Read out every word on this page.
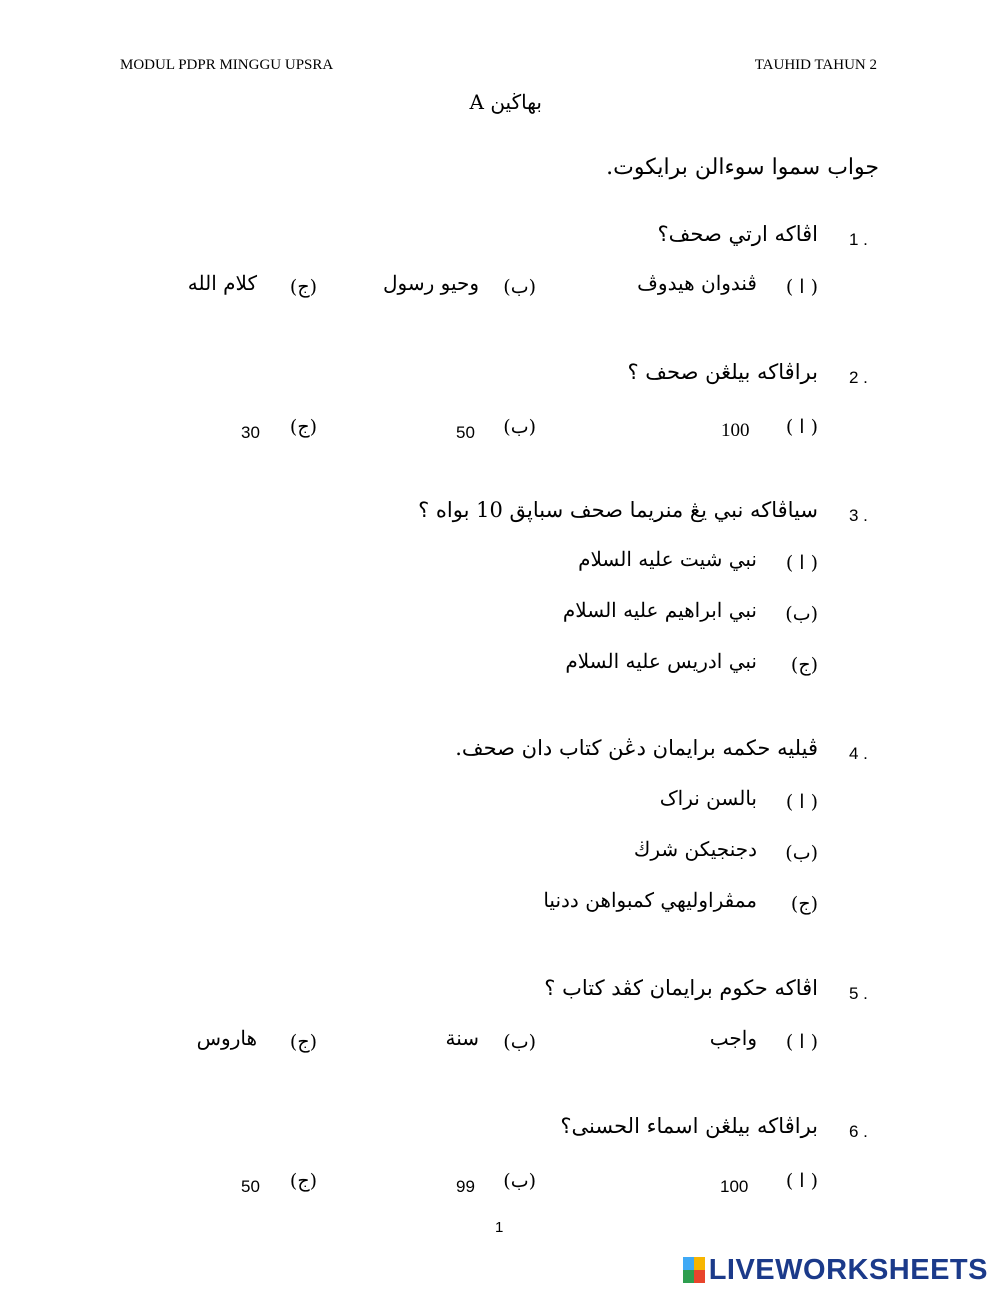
MODUL PDPR MINGGU UPSRA	TAUHID TAHUN 2
بهاڬين A
جواب سموا سوءالن برايكوت.
1 .
اڤاكه ارتي صحف؟
( ا )
ڤندوان هيدوڤ
(ب)
وحيو رسول
(ج)
كلام الله
2 .
براڤاكه بيلڠن صحف ؟
( ا )
100
(ب)
50
(ج)
30
3 .
سياڤاكه نبي يڠ منريما صحف سباڽق 10 بواه ؟
( ا )
نبي شيت عليه السلام
(ب)
نبي ابراهيم عليه السلام
(ج)
نبي ادريس عليه السلام
4 .
ڤيليه حكمه برايمان دڠن كتاب دان صحف.
( ا )
بالسن نراک
(ب)
دجنجيكن شرڬ
(ج)
ممڤراوليهي كمبواهن ددنيا
5 .
اڤاكه حكوم برايمان كڤد كتاب ؟
( ا )
واجب
(ب)
سنة
(ج)
هاروس
6 .
براڤاكه بيلڠن اسماء الحسنى؟
( ا )
100
(ب)
99
(ج)
50
1
LIVEWORKSHEETS
